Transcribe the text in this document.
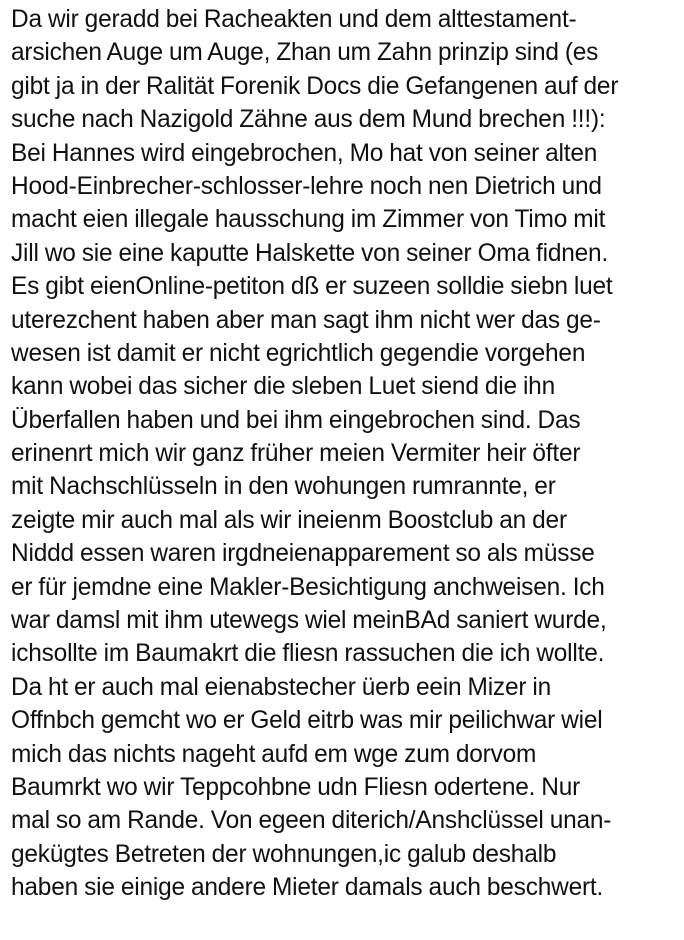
Da wir geradd bei Racheakten und dem alttestament-
arsichen Auge um Auge, Zhan um Zahn prinzip sind (es
gibt ja in der Ralität Forenik Docs die Gefangenen auf der
suche nach Nazigold Zähne aus dem Mund brechen !!!):
Bei Hannes wird eingebrochen, Mo hat von seiner alten
Hood-Einbrecher-schlosser-lehre noch nen Dietrich und
macht eien illegale hausschung im Zimmer von Timo mit
Jill wo sie eine kaputte Halskette von seiner Oma fidnen.
Es gibt eienOnline-petiton dß er suzeen solldie siebn luet
uterezchent haben aber man sagt ihm nicht wer das ge-
wesen ist damit er nicht egrichtlich gegendie vorgehen
kann wobei das sicher die sleben Luet siend die ihn
Überfallen haben und bei ihm eingebrochen sind. Das
erinenrt mich wir ganz früher meien Vermiter heir öfter
mit Nachschlüsseln in den wohungen rumrannte, er
zeigte mir auch mal als wir ineienm Boostclub an der
Niddd essen waren irgdneienapparement so als müsse
er für jemdne eine Makler-Besichtigung anchweisen. Ich
war damsl mit ihm utewegs wiel meinBAd saniert wurde,
ichsollte im Baumakrt die fliesn rassuchen die ich wollte.
Da ht er auch mal eienabstecher üerb eein Mizer in
Offnbch gemcht wo er Geld eitrb was mir peilichwar wiel
mich das nichts nageht aufd em wge zum dorvom
Baumrkt wo wir Teppcohbne udn Fliesn odertene. Nur
mal so am Rande. Von egeen diterich/Anshclüssel unan-
gekügtes Betreten der wohnungen,ic galub deshalb
haben sie einige andere Mieter damals auch beschwert.
